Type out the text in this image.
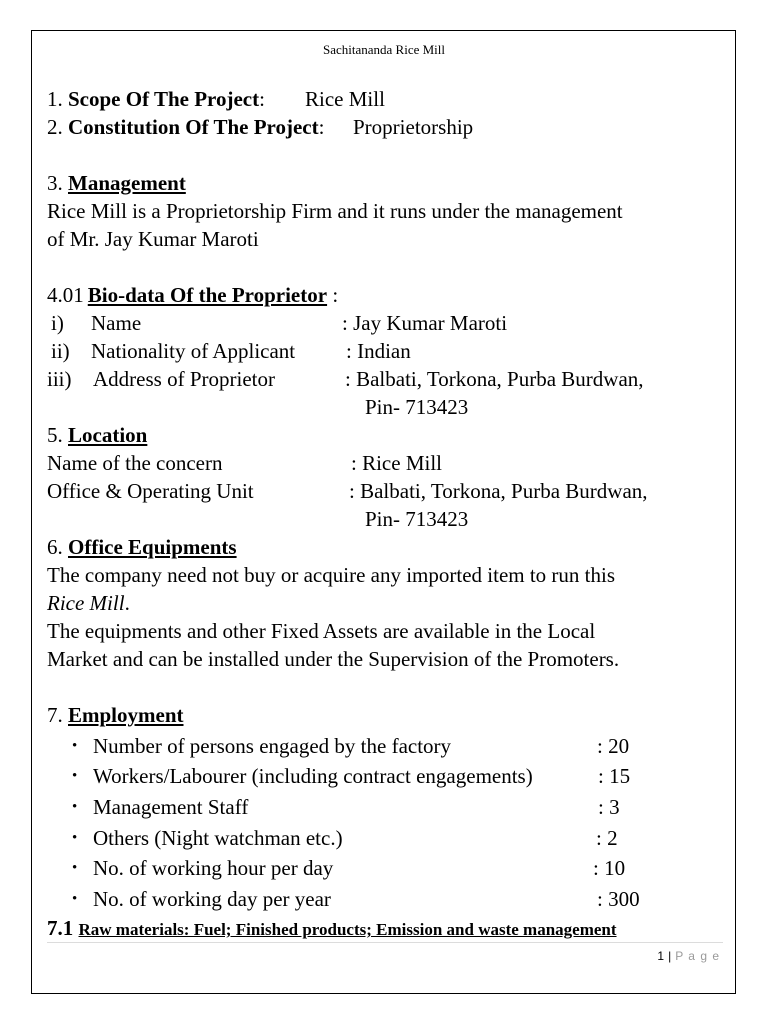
Sachitananda Rice Mill
1. Scope Of The Project: Rice Mill
2. Constitution Of The Project: Proprietorship
3. Management
Rice Mill is a Proprietorship Firm and it runs under the management
of Mr. Jay Kumar Maroti
4.01 Bio-data Of the Proprietor :
i) Name	: Jay Kumar Maroti
ii) Nationality of Applicant : Indian
iii) Address of Proprietor	: Balbati, Torkona, Purba Burdwan,
Pin- 713423
5. Location
Name of the concern	: Rice Mill
Office & Operating Unit	: Balbati, Torkona, Purba Burdwan,
Pin- 713423
6. Office Equipments
The company need not buy or acquire any imported item to run this
Rice Mill.
The equipments and other Fixed Assets are available in the Local
Market and can be installed under the Supervision of the Promoters.
7. Employment
• Number of persons engaged by the factory	: 20
• Workers/Labourer (including contract engagements)	: 15
• Management Staff	: 3
• Others (Night watchman etc.)	: 2
• No. of working hour per day	: 10
• No. of working day per year	: 300
7.1 Raw materials: Fuel; Finished products; Emission and waste management
1 | P a g e
